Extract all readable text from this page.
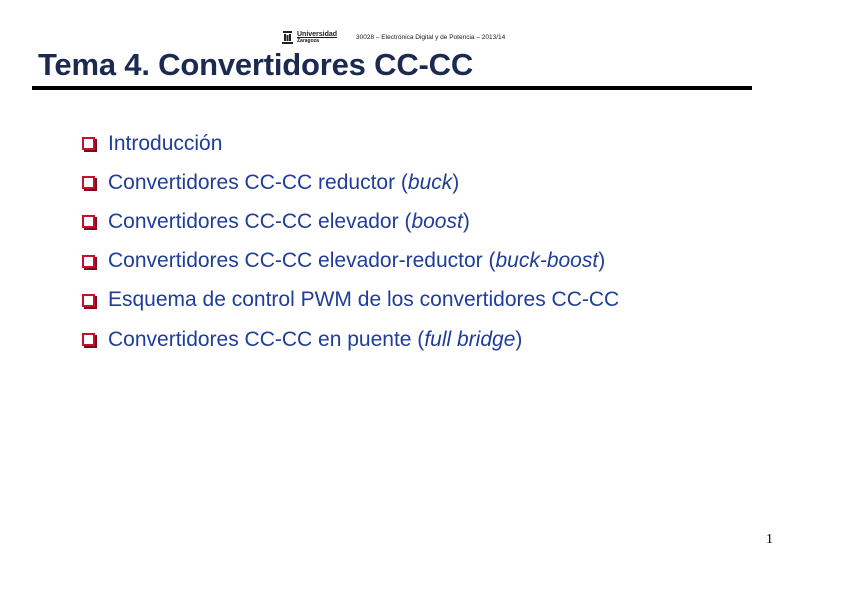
Universidad
Zaragoza	30028 – Electrónica Digital y de Potencia – 2013/14
Tema 4. Convertidores CC-CC
Introducción
Convertidores CC-CC reductor ( buck )
Convertidores CC-CC elevador ( boost )
Convertidores CC-CC elevador-reductor ( buck-boost )
Esquema de control PWM de los convertidores CC-CC
Convertidores CC-CC en puente ( full bridge )
1
